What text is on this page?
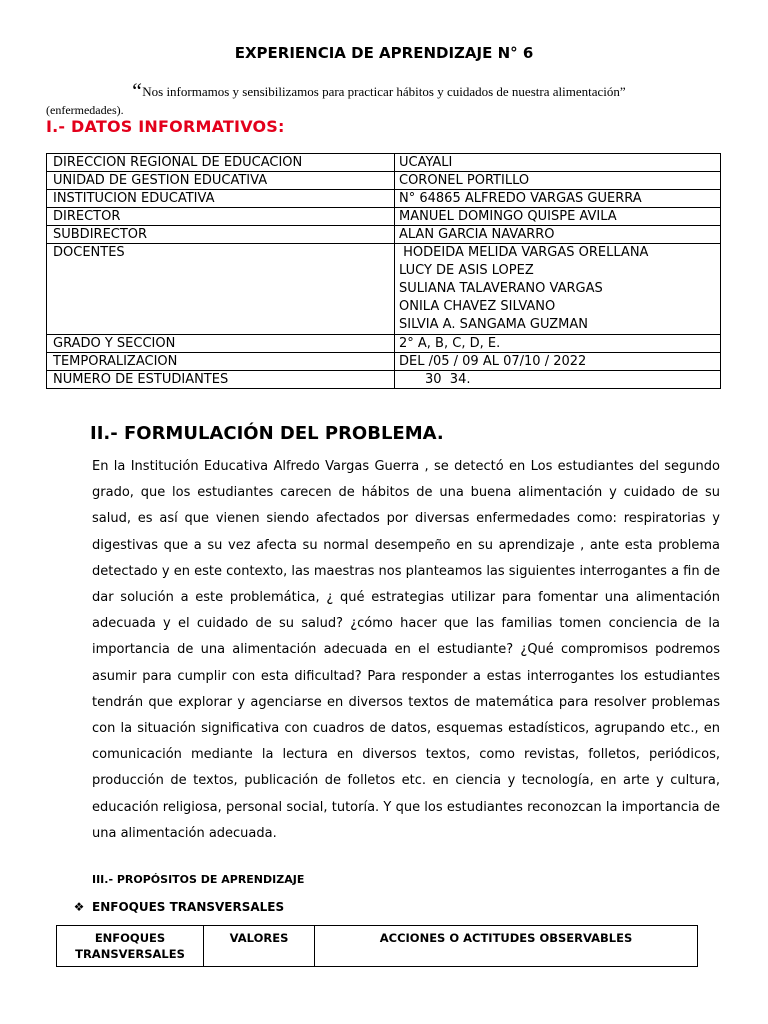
EXPERIENCIA DE APRENDIZAJE N° 6
“Nos informamos y sensibilizamos para practicar hábitos y cuidados de nuestra alimentación”
(enfermedades).
I.- DATOS INFORMATIVOS:
DIRECCION REGIONAL DE EDUCACION	UCAYALI
UNIDAD DE GESTION EDUCATIVA	CORONEL PORTILLO
INSTITUCION EDUCATIVA	N° 64865 ALFREDO VARGAS GUERRA
DIRECTOR	MANUEL DOMINGO QUISPE AVILA
SUBDIRECTOR	ALAN GARCIA NAVARRO
DOCENTES	HODEIDA MELIDA VARGAS ORELLANA
LUCY DE ASIS LOPEZ
SULIANA TALAVERANO VARGAS
ONILA CHAVEZ SILVANO
SILVIA A. SANGAMA GUZMAN

GRADO Y SECCION	2° A, B, C, D, E.
TEMPORALIZACION	DEL /05 / 09 AL 07/10 / 2022
NUMERO DE ESTUDIANTES	30  34.
II.- FORMULACIÓN DEL PROBLEMA.
En la Institución Educativa Alfredo Vargas Guerra , se detectó en Los estudiantes del segundo grado, que los estudiantes carecen de hábitos de una buena alimentación y cuidado de su salud, es así que vienen siendo afectados por diversas enfermedades como: respiratorias y digestivas que a su vez afecta su normal desempeño en su aprendizaje , ante esta problema detectado y en este contexto, las maestras nos planteamos las siguientes interrogantes a fin de dar solución a este problemática, ¿ qué estrategias utilizar para fomentar una alimentación adecuada y el cuidado de su salud? ¿cómo hacer que las familias tomen conciencia de la importancia de una alimentación adecuada en el estudiante? ¿Qué compromisos podremos asumir para cumplir con esta dificultad? Para responder a estas interrogantes los estudiantes tendrán que explorar y agenciarse en diversos textos de matemática para resolver problemas con la situación significativa con cuadros de datos, esquemas estadísticos, agrupando etc., en comunicación mediante la lectura en diversos textos, como revistas, folletos, periódicos, producción de textos, publicación de folletos etc. en ciencia y tecnología, en arte y cultura, educación religiosa, personal social, tutoría. Y que los estudiantes reconozcan la importancia de una alimentación adecuada.
III.- PROPÓSITOS DE APRENDIZAJE
❖ ENFOQUES TRANSVERSALES
ENFOQUES TRANSVERSALES	VALORES	ACCIONES O ACTITUDES OBSERVABLES
